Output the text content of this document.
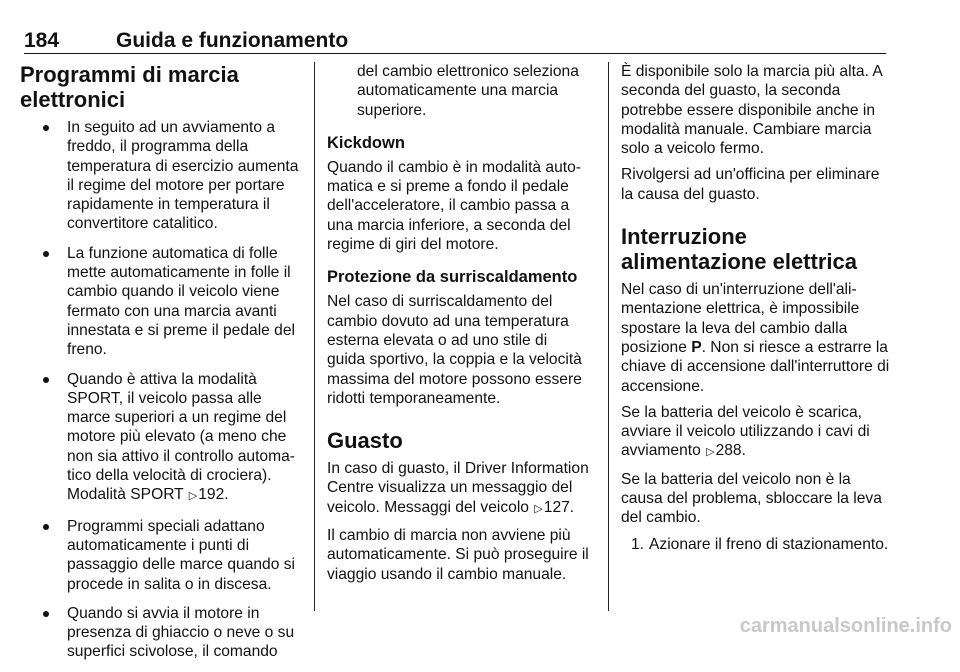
184	Guida e funzionamento
Programmi di marcia elettronici
In seguito ad un avviamento a freddo, il programma della temperatura di esercizio aumenta il regime del motore per portare rapidamente in temperatura il convertitore catalitico.
La funzione automatica di folle mette automaticamente in folle il cambio quando il veicolo viene fermato con una marcia avanti innestata e si preme il pedale del freno.
Quando è attiva la modalità SPORT, il veicolo passa alle marce superiori a un regime del motore più elevato (a meno che non sia attivo il controllo automatico della velocità di crociera).
Modalità SPORT ▷192.
Programmi speciali adattano automaticamente i punti di passaggio delle marce quando si procede in salita o in discesa.
Quando si avvia il motore in presenza di ghiaccio o neve o su superfici scivolose, il comando

del cambio elettronico seleziona automaticamente una marcia superiore.

Kickdown

Quando il cambio è in modalità automatica e si preme a fondo il pedale dell'acceleratore, il cambio passa a una marcia inferiore, a seconda del regime di giri del motore.

Protezione da surriscaldamento

Nel caso di surriscaldamento del cambio dovuto ad una temperatura esterna elevata o ad uno stile di guida sportivo, la coppia e la velocità massima del motore possono essere ridotti temporaneamente.

Guasto

In caso di guasto, il Driver Information Centre visualizza un messaggio del veicolo. Messaggi del veicolo ▷127.

Il cambio di marcia non avviene più automaticamente. Si può proseguire il viaggio usando il cambio manuale.

È disponibile solo la marcia più alta. A seconda del guasto, la seconda potrebbe essere disponibile anche in modalità manuale. Cambiare marcia solo a veicolo fermo.

Rivolgersi ad un'officina per eliminare la causa del guasto.

Interruzione alimentazione elettrica

Nel caso di un'interruzione dell'alimentazione elettrica, è impossibile spostare la leva del cambio dalla posizione P. Non si riesce a estrarre la chiave di accensione dall'interruttore di accensione.

Se la batteria del veicolo è scarica, avviare il veicolo utilizzando i cavi di avviamento ▷288.

Se la batteria del veicolo non è la causa del problema, sbloccare la leva del cambio.

1. Azionare il freno di stazionamento.
carmanualsonline.info
